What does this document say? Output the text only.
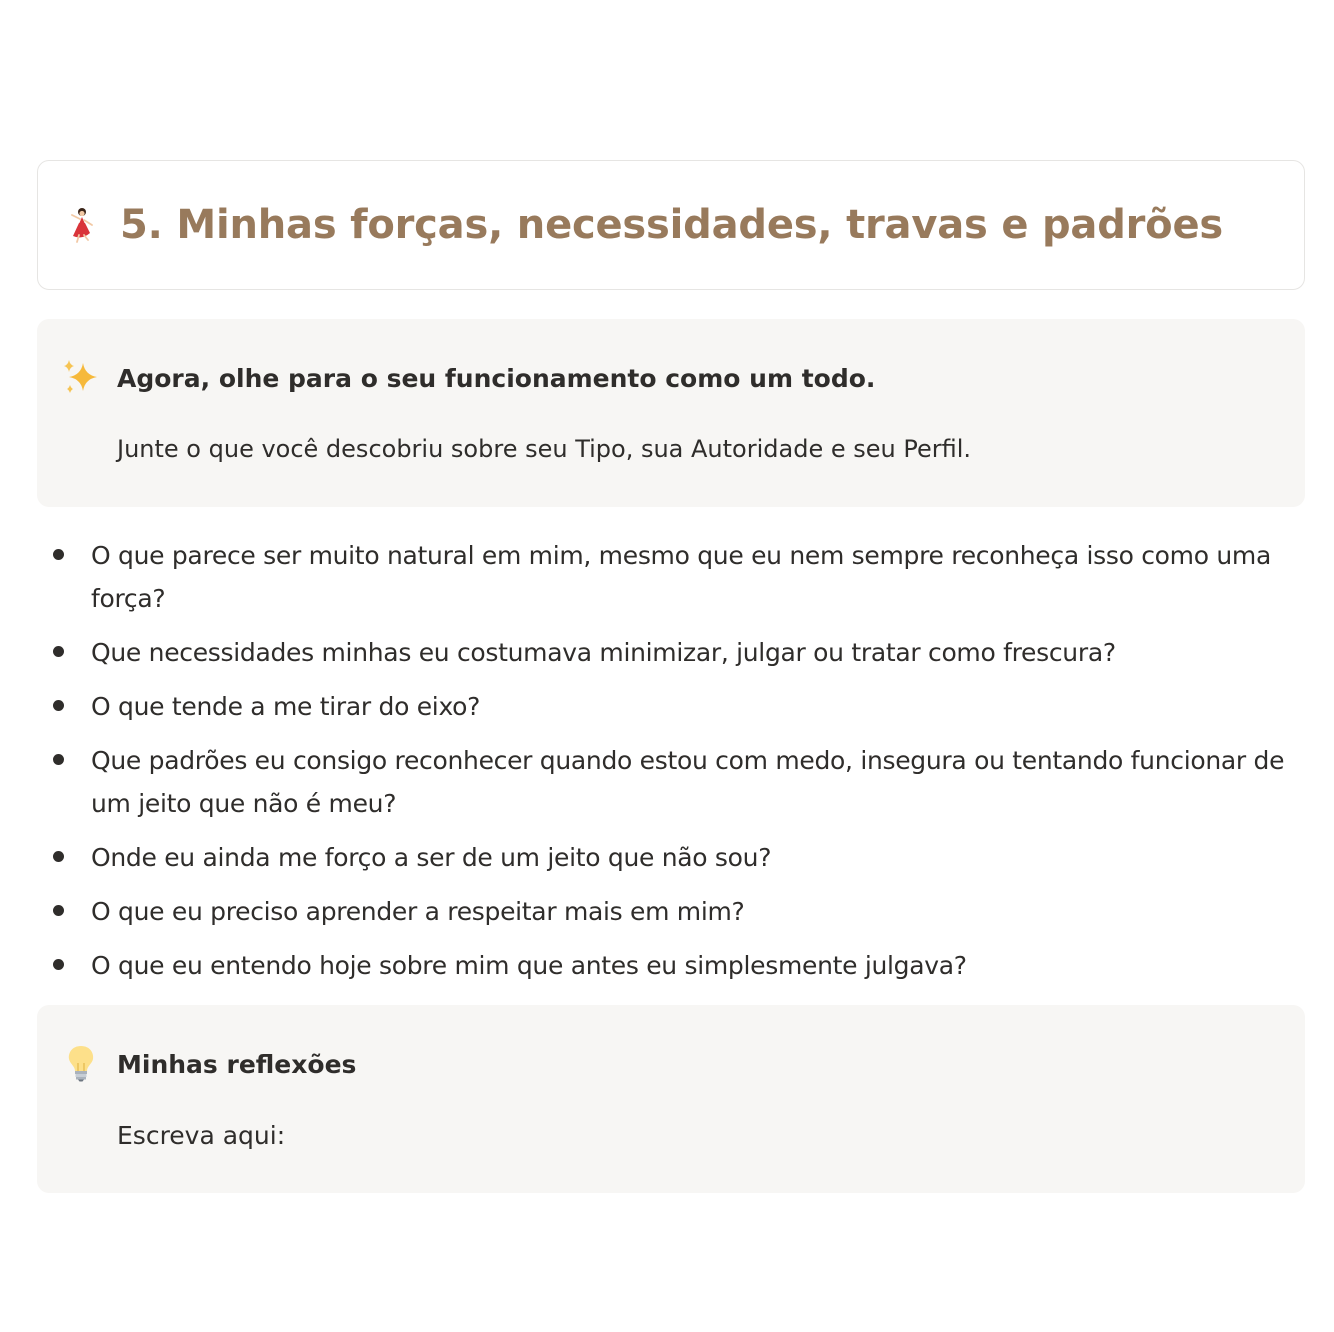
5. Minhas forças, necessidades, travas e padrões
Agora, olhe para o seu funcionamento como um todo.
Junte o que você descobriu sobre seu Tipo, sua Autoridade e seu Perfil.
O que parece ser muito natural em mim, mesmo que eu nem sempre reconheça isso como uma força?
Que necessidades minhas eu costumava minimizar, julgar ou tratar como frescura?
O que tende a me tirar do eixo?
Que padrões eu consigo reconhecer quando estou com medo, insegura ou tentando funcionar de um jeito que não é meu?
Onde eu ainda me forço a ser de um jeito que não sou?
O que eu preciso aprender a respeitar mais em mim?
O que eu entendo hoje sobre mim que antes eu simplesmente julgava?
Minhas reflexões
Escreva aqui:
